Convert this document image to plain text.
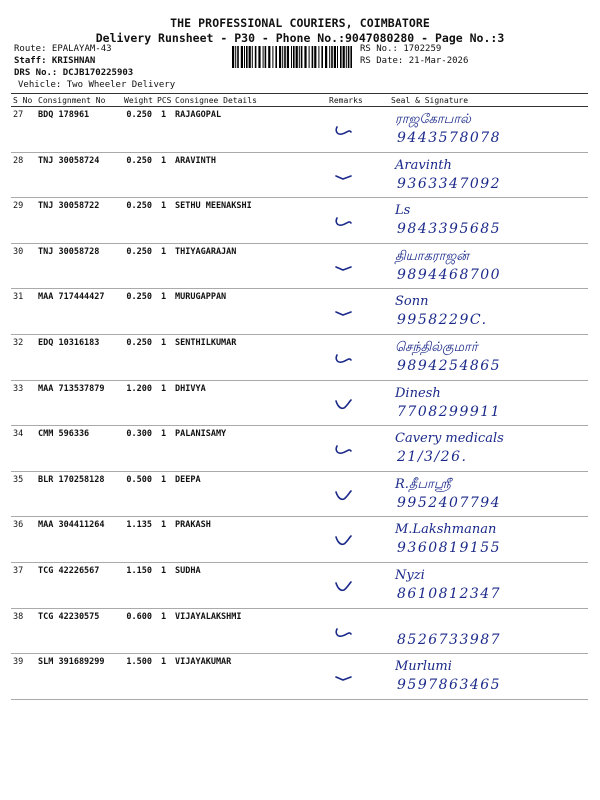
THE PROFESSIONAL COURIERS, COIMBATORE
Delivery Runsheet - P30 - Phone No.:9047080280 - Page No.:3
Route: EPALAYAM-43
Staff: KRISHNAN
DRS No.: DCJB170225903
Vehicle: Two Wheeler Delivery
RS No.: 1702259
RS Date: 21-Mar-2026
S No	Consignment No	Weight	PCS	Consignee Details	Remarks	Seal & Signature
27	BDQ 178961	0.250	1	RAJAGOPAL		ராஜகோபால்
9443578078

28	TNJ 30058724	0.250	1	ARAVINTH		Aravinth
9363347092

29	TNJ 30058722	0.250	1	SETHU MEENAKSHI		Ls
9843395685

30	TNJ 30058728	0.250	1	THIYAGARAJAN		தியாகராஜன்
9894468700

31	MAA 717444427	0.250	1	MURUGAPPAN		Sonn
9958229C.

32	EDQ 10316183	0.250	1	SENTHILKUMAR		செந்தில்குமார்
9894254865

33	MAA 713537879	1.200	1	DHIVYA		Dinesh
7708299911

34	CMM 596336	0.300	1	PALANISAMY		Cavery medicals
21/3/26.

35	BLR 170258128	0.500	1	DEEPA		R.தீபாஸ்ரீ
9952407794

36	MAA 304411264	1.135	1	PRAKASH		M.Lakshmanan
9360819155

37	TCG 42226567	1.150	1	SUDHA		Nyzi
8610812347

38	TCG 42230575	0.600	1	VIJAYALAKSHMI		8526733987

39	SLM 391689299	1.500	1	VIJAYAKUMAR		Murlumi
9597863465
